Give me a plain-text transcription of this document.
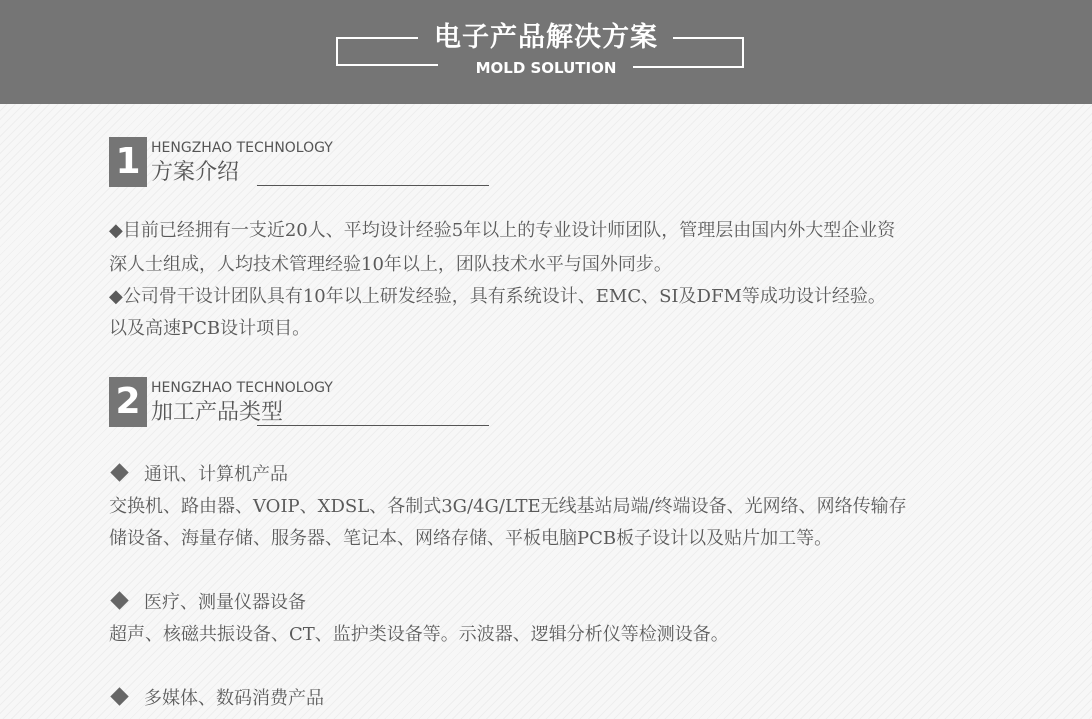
电子产品解决方案
MOLD SOLUTION
1 HENGZHAO TECHNOLOGY
方案介绍
◆目前已经拥有一支近20人、平均设计经验5年以上的专业设计师团队，管理层由国内外大型企业资
深人士组成，人均技术管理经验10年以上，团队技术水平与国外同步。
◆公司骨干设计团队具有10年以上研发经验，具有系统设计、EMC、SI及DFM等成功设计经验。
以及高速PCB设计项目。
2 HENGZHAO TECHNOLOGY
加工产品类型
通讯、计算机产品
交换机、路由器、VOIP、XDSL、各制式3G/4G/LTE无线基站局端/终端设备、光网络、网络传输存
储设备、海量存储、服务器、笔记本、网络存储、平板电脑PCB板子设计以及贴片加工等。
医疗、测量仪器设备
超声、核磁共振设备、CT、监护类设备等。示波器、逻辑分析仪等检测设备。
多媒体、数码消费产品
